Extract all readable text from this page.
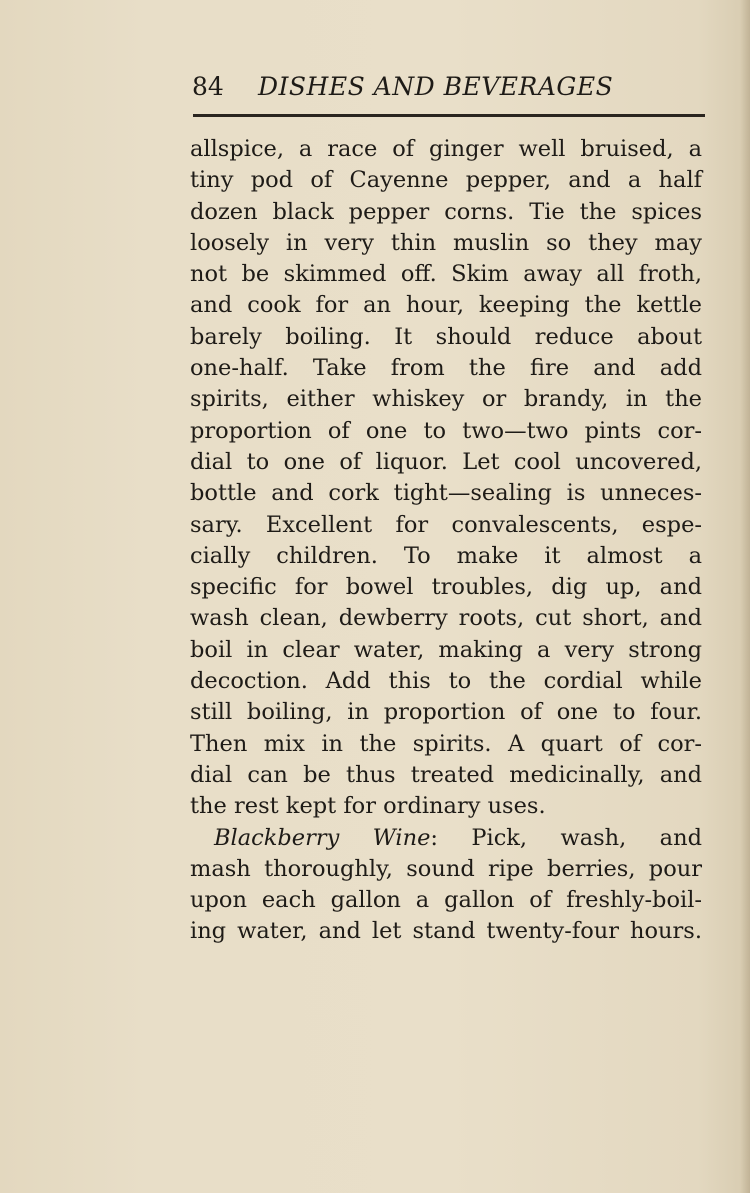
84 DISHES AND BEVERAGES
allspice, a race of ginger well bruised, a
tiny pod of Cayenne pepper, and a half
dozen black pepper corns. Tie the spices
loosely in very thin muslin so they may
not be skimmed off. Skim away all froth,
and cook for an hour, keeping the kettle
barely boiling. It should reduce about
one-half. Take from the fire and add
spirits, either whiskey or brandy, in the
proportion of one to two—two pints cor-
dial to one of liquor. Let cool uncovered,
bottle and cork tight—sealing is unneces-
sary. Excellent for convalescents, espe-
cially children. To make it almost a
specific for bowel troubles, dig up, and
wash clean, dewberry roots, cut short, and
boil in clear water, making a very strong
decoction. Add this to the cordial while
still boiling, in proportion of one to four.
Then mix in the spirits. A quart of cor-
dial can be thus treated medicinally, and
the rest kept for ordinary uses.
Blackberry Wine: Pick, wash, and
mash thoroughly, sound ripe berries, pour
upon each gallon a gallon of freshly-boil-
ing water, and let stand twenty-four hours.
